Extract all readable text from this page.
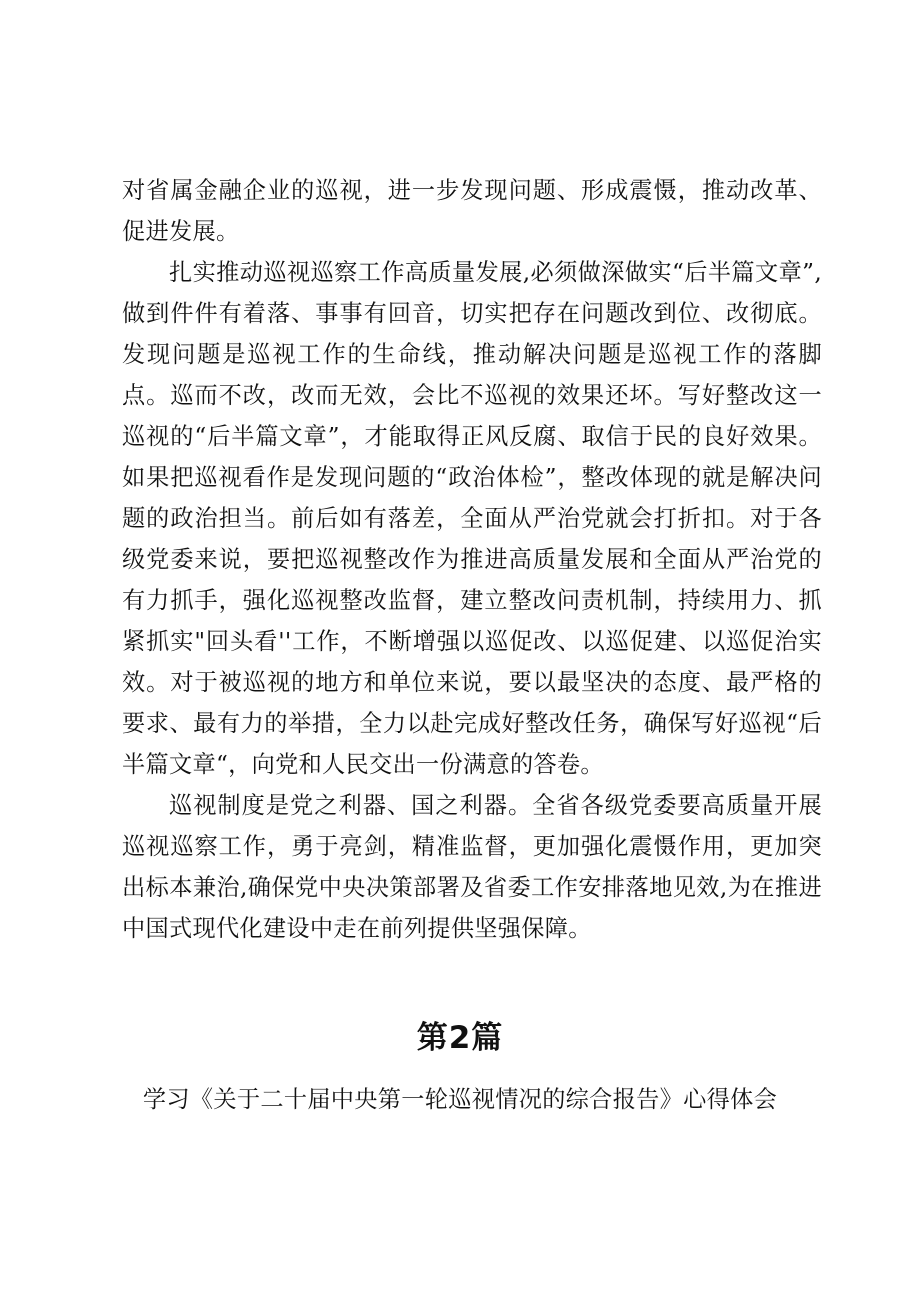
对省属金融企业的巡视，进一步发现问题、形成震慑，推动改革、促进发展。

扎实推动巡视巡察工作高质量发展,必须做深做实“后半篇文章”,做到件件有着落、事事有回音，切实把存在问题改到位、改彻底。发现问题是巡视工作的生命线，推动解决问题是巡视工作的落脚点。巡而不改，改而无效，会比不巡视的效果还坏。写好整改这一巡视的“后半篇文章”，才能取得正风反腐、取信于民的良好效果。如果把巡视看作是发现问题的“政治体检”，整改体现的就是解决问题的政治担当。前后如有落差，全面从严治党就会打折扣。对于各级党委来说，要把巡视整改作为推进高质量发展和全面从严治党的有力抓手，强化巡视整改监督，建立整改问责机制，持续用力、抓紧抓实"回头看''工作，不断增强以巡促改、以巡促建、以巡促治实效。对于被巡视的地方和单位来说，要以最坚决的态度、最严格的要求、最有力的举措，全力以赴完成好整改任务，确保写好巡视“后半篇文章“，向党和人民交出一份满意的答卷。

巡视制度是党之利器、国之利器。全省各级党委要高质量开展巡视巡察工作，勇于亮剑，精准监督，更加强化震慑作用，更加突出标本兼治,确保党中央决策部署及省委工作安排落地见效,为在推进中国式现代化建设中走在前列提供坚强保障。

第2篇
学习《关于二十届中央第一轮巡视情况的综合报告》心得体会
